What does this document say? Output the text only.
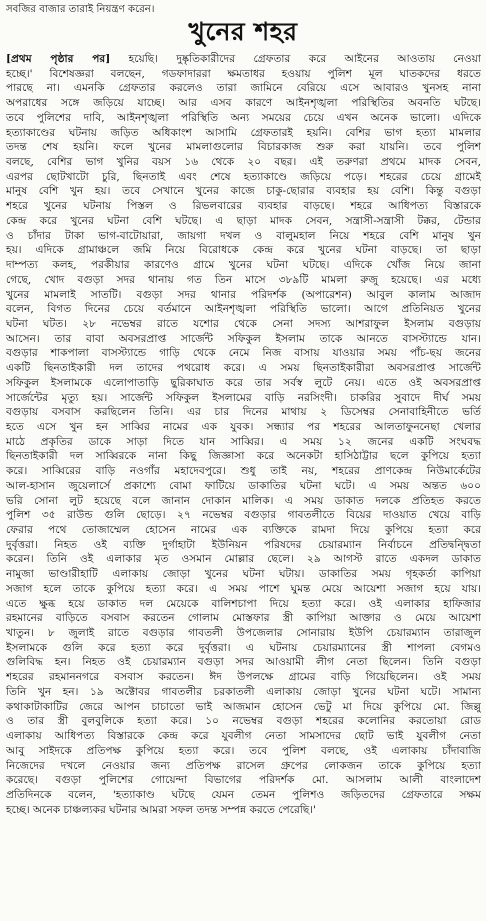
সবজির বাজার তারাই নিয়ন্ত্রণ করেন।
খুনের শহর
[প্রথম পৃষ্ঠার পর] হয়েছি। দুষ্কৃতিকারীদের গ্রেফতার করে আইনের আওতায় নেওয়া
হচ্ছে।' বিশেষজ্ঞরা বলছেন, গডফাদাররা ক্ষমতাধর হওয়ায় পুলিশ মূল ঘাতকদের ধরতে
পারছে না। এমনকি গ্রেফতার করলেও তারা জামিনে বেরিয়ে এসে আবারও খুনসহ নানা
অপরাধের সঙ্গে জড়িয়ে যাচ্ছে। আর এসব কারণে আইনশৃঙ্খলা পরিস্থিতির অবনতি ঘটছে।
তবে পুলিশের দাবি, আইনশৃঙ্খলা পরিস্থিতি অন্য সময়ের চেয়ে এখন অনেক ভালো। এদিকে
হত্যাকাণ্ডের ঘটনায় জড়িত অধিকাংশ আসামি গ্রেফতারই হয়নি। বেশির ভাগ হত্যা মামলার
তদন্ত শেষ হয়নি। ফলে খুনের মামলাগুলোর বিচারকাজ শুরু করা যায়নি। তবে পুলিশ
বলছে, বেশির ভাগ খুনির বয়স ১৬ থেকে ২০ বছর। এই তরুণরা প্রথমে মাদক সেবন,
এরপর ছোটখাটো চুরি, ছিনতাই এবং শেষে হত্যাকাণ্ডে জড়িয়ে পড়ে। শহরের চেয়ে গ্রামেই
মানুষ বেশি খুন হয়। তবে সেখানে খুনের কাজে চাকু-ছোরার ব্যবহার হয় বেশি। কিন্তু বগুড়া
শহরে খুনের ঘটনায় পিস্তল ও রিভলবারের ব্যবহার বাড়ছে। শহরে আধিপত্য বিস্তারকে
কেন্দ্র করে খুনের ঘটনা বেশি ঘটছে। এ ছাড়া মাদক সেবন, সন্ত্রাসী-সন্ত্রাসী টক্কর, টেন্ডার
ও চাঁদার টাকা ভাগ-বাটোয়ারা, জায়গা দখল ও বালুমহাল নিয়ে শহরে বেশি মানুষ খুন
হয়। এদিকে গ্রামাঞ্চলে জমি নিয়ে বিরোধকে কেন্দ্র করে খুনের ঘটনা বাড়ছে। তা ছাড়া
দাম্পত্য কলহ, পরকীয়ার কারণেও গ্রামে খুনের ঘটনা ঘটছে। এদিকে খোঁজ নিয়ে জানা
গেছে, খোদ বগুড়া সদর থানায় গত তিন মাসে ৩৮৯টি মামলা রুজু হয়েছে। এর মধ্যে
খুনের মামলাই সাতটি। বগুড়া সদর থানার পরিদর্শক (অপারেশন) আবুল কালাম আজাদ
বলেন, বিগত দিনের চেয়ে বর্তমানে আইনশৃঙ্খলা পরিস্থিতি ভালো। আগে প্রতিনিয়ত খুনের
ঘটনা ঘটত। ২৮ নভেম্বর রাতে যশোর থেকে সেনা সদস্য আশরাফুল ইসলাম বগুড়ায়
আসেন। তার বাবা অবসরপ্রাপ্ত সার্জেন্ট সফিকুল ইসলাম তাকে আনতে বাসস্ট্যান্ডে যান।
বগুড়ার শাকপালা বাসস্ট্যান্ডে গাড়ি থেকে নেমে নিজ বাসায় যাওয়ার সময় পাঁচ-ছয় জনের
একটি ছিনতাইকারী দল তাদের পথরোধ করে। এ সময় ছিনতাইকারীরা অবসরপ্রাপ্ত সার্জেন্ট
সফিকুল ইসলামকে এলোপাতাড়ি ছুরিকাঘাত করে তার সর্বস্ব লুটে নেয়। এতে ওই অবসরপ্রাপ্ত
সার্জেন্টের মৃত্যু হয়। সার্জেন্ট সফিকুল ইসলামের বাড়ি নরসিংদী। চাকরির সুবাদে দীর্ঘ সময়
বগুড়ায় বসবাস করছিলেন তিনি। এর চার দিনের মাথায় ২ ডিসেম্বর সেনাবাহিনীতে ভর্তি
হতে এসে খুন হন সাব্বির নামের এক যুবক। সন্ধ্যার পর শহরের আলতাফুননেছা খেলার
মাঠে প্রকৃতির ডাকে সাড়া দিতে যান সাব্বির। এ সময় ১২ জনের একটি সংঘবদ্ধ
ছিনতাইকারী দল সাব্বিরকে নানা কিছু জিজ্ঞাসা করে অনেকটা হাসিঠাট্টার ছলে কুপিয়ে হত্যা
করে। সাব্বিরের বাড়ি নওগাঁর মহাদেবপুরে। শুধু তাই নয়, শহরের প্রাণকেন্দ্র নিউমার্কেটের
আল-হাসান জুয়েলার্সে প্রকাশ্যে বোমা ফাটিয়ে ডাকাতির ঘটনা ঘটে। এ সময় অন্তত ৬০০
ভরি সোনা লুট হয়েছে বলে জানান দোকান মালিক। এ সময় ডাকাত দলকে প্রতিহত করতে
পুলিশ ৩৫ রাউন্ড গুলি ছোড়ে। ২৭ নভেম্বর বগুড়ার গাবতলীতে বিয়ের দাওয়াত খেয়ে বাড়ি
ফেরার পথে তোজাম্মেল হোসেন নামের এক ব্যক্তিকে রামদা দিয়ে কুপিয়ে হত্যা করে
দুর্বৃত্তরা। নিহত ওই ব্যক্তি দুর্গাহাটা ইউনিয়ন পরিষদের চেয়ারম্যান নির্বাচনে প্রতিদ্বন্দ্বিতা
করেন। তিনি ওই এলাকার মৃত ওসমান মোল্লার ছেলে। ২৯ আগস্ট রাতে একদল ডাকাত
নামুজা ভাণ্ডারীহাটি এলাকায় জোড়া খুনের ঘটনা ঘটায়। ডাকাতির সময় গৃহকর্তা কাপিয়া
সজাগ হলে তাকে কুপিয়ে হত্যা করে। এ সময় পাশে ঘুমন্ত মেয়ে আয়েশা সজাগ হয়ে যায়।
এতে ক্ষুব্ধ হয়ে ডাকাত দল মেয়েকে বালিশচাপা দিয়ে হত্যা করে। ওই এলাকার হাফিজার
রহমানের বাড়িতে বসবাস করতেন গোলাম মোস্তফার স্ত্রী কাপিয়া আক্তার ও মেয়ে আয়েশা
খাতুন। ৮ জুলাই রাতে বগুড়ার গাবতলী উপজেলার সোনারায় ইউপি চেয়ারম্যান তারাজুল
ইসলামকে গুলি করে হত্যা করে দুর্বৃত্তরা। এ ঘটনায় চেয়ারম্যানের স্ত্রী শাপলা বেগমও
গুলিবিদ্ধ হন। নিহত ওই চেয়ারম্যান বগুড়া সদর আওয়ামী লীগ নেতা ছিলেন। তিনি বগুড়া
শহরের রহমাননগরে বসবাস করতেন। ঈদ উপলক্ষে গ্রামের বাড়ি গিয়েছিলেন। ওই সময়
তিনি খুন হন। ১৯ অক্টোবর গাবতলীর চরকাতলী এলাকায় জোড়া খুনের ঘটনা ঘটে। সামান্য
কথাকাটাকাটির জেরে আপন চাচাতো ভাই আজমান হোসেন ভেটু মা দিয়ে কুপিয়ে মো. জিল্লু
ও তার স্ত্রী বুলবুলিকে হত্যা করে। ১০ নভেম্বর বগুড়া শহরের কলোনির করতোয়া রোড
এলাকায় আধিপত্য বিস্তারকে কেন্দ্র করে যুবলীগ নেতা সামসাদের ছোট ভাই যুবলীগ নেতা
আবু সাইদকে প্রতিপক্ষ কুপিয়ে হত্যা করে। তবে পুলিশ বলছে, ওই এলাকায় চাঁদাবাজি
নিজেদের দখলে নেওয়ার জন্য প্রতিপক্ষ রাসেল গ্রুপের লোকজন তাকে কুপিয়ে হত্যা
করেছে। বগুড়া পুলিশের গোয়েন্দা বিভাগের পরিদর্শক মো. আসলাম আলী বাংলাদেশ
প্রতিদিনকে বলেন, 'হত্যাকাণ্ড ঘটছে যেমন তেমন পুলিশও জড়িতদের গ্রেফতারে সক্ষম
হচ্ছে। অনেক চাঞ্চল্যকর ঘটনার আমরা সফল তদন্ত সম্পন্ন করতে পেরেছি।'
